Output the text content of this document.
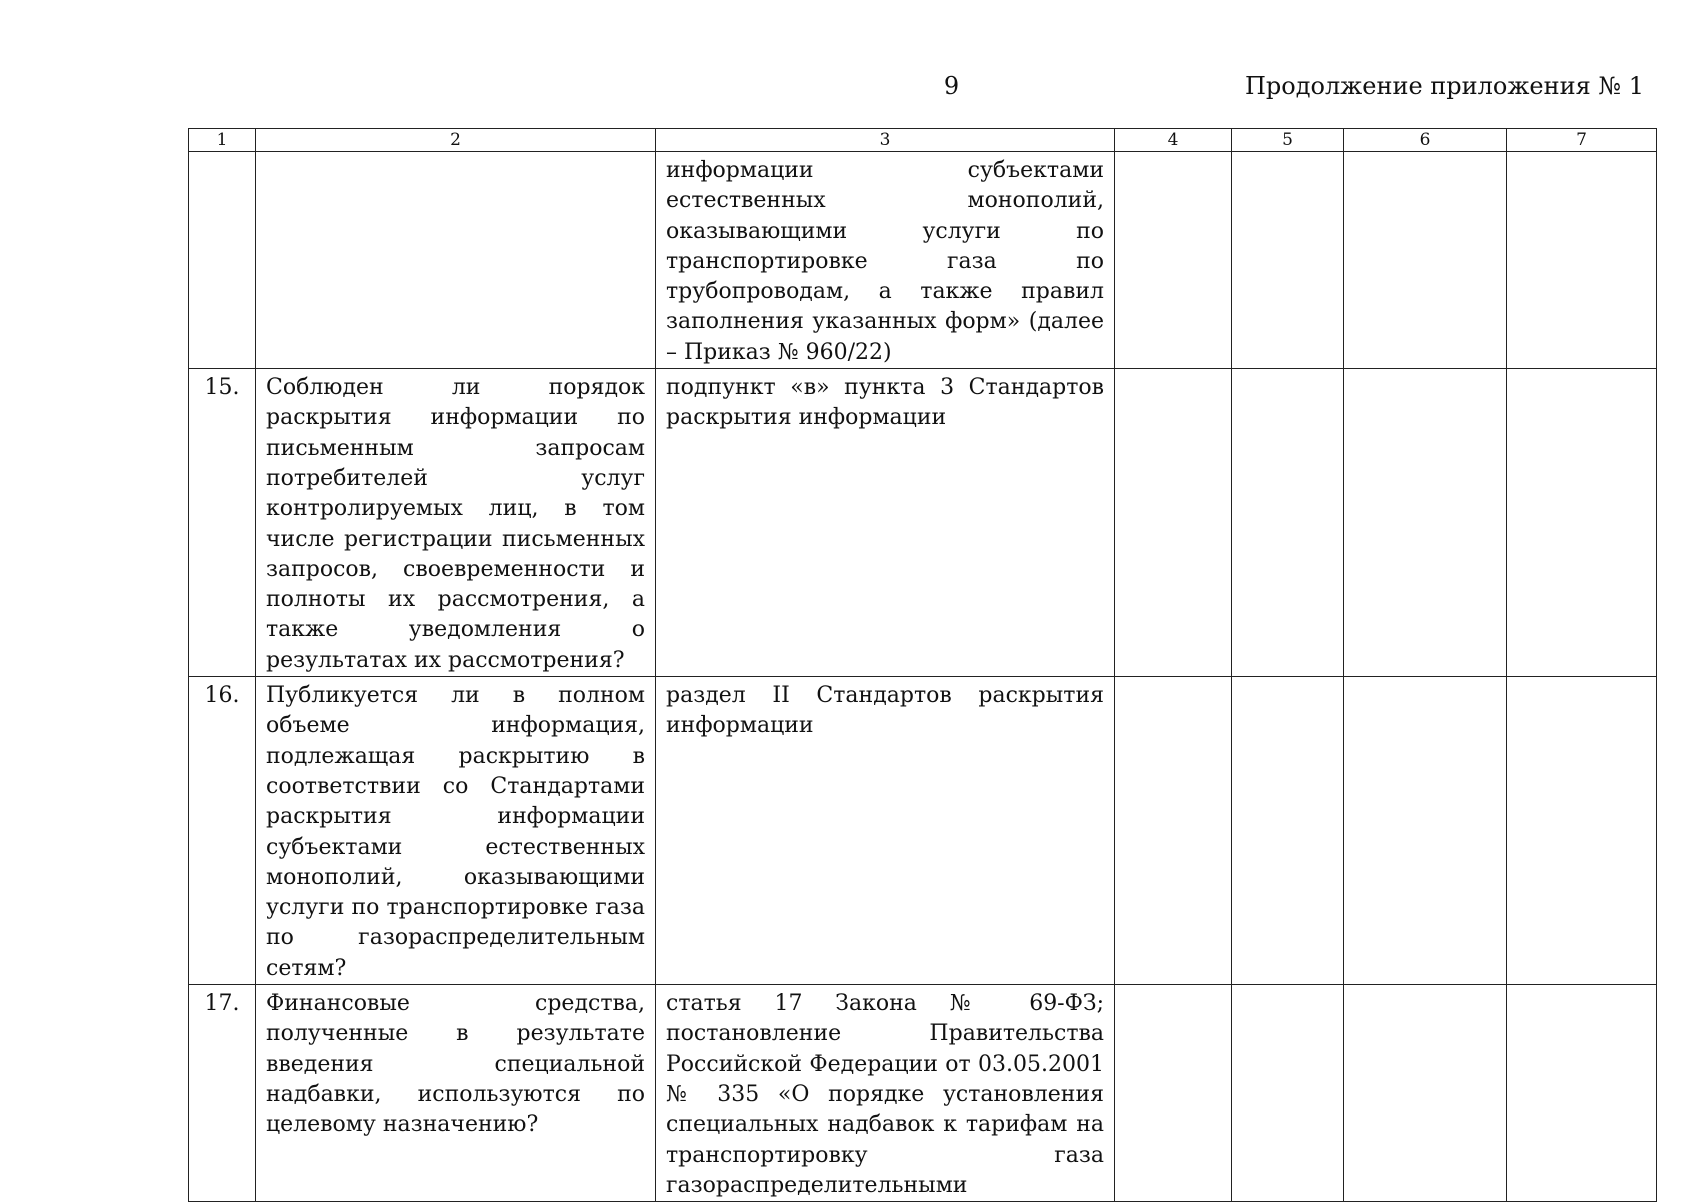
9	Продолжение приложения № 1
1	2	3	4	5	6	7
		информации субъектами естественных монополий, оказывающими услуги по транспортировке газа по трубопроводам, а также правил заполнения указанных форм» (далее – Приказ № 960/22)				
15.	Соблюден ли порядок раскрытия информации по письменным запросам потребителей услуг контролируемых лиц, в том числе регистрации письменных запросов, своевременности и полноты их рассмотрения, а также уведомления о результатах их рассмотрения?	подпункт «в» пункта 3 Стандартов раскрытия информации				
16.	Публикуется ли в полном объеме информация, подлежащая раскрытию в соответствии со Стандартами раскрытия информации субъектами естественных монополий, оказывающими услуги по транспортировке газа по газораспределительным сетям?	раздел II Стандартов раскрытия информации				
17.	Финансовые средства, полученные в результате введения специальной надбавки, используются по целевому назначению?	статья 17 Закона № 69-ФЗ; постановление Правительства Российской Федерации от 03.05.2001 № 335 «О порядке установления специальных надбавок к тарифам на транспортировку газа газораспределительными				
